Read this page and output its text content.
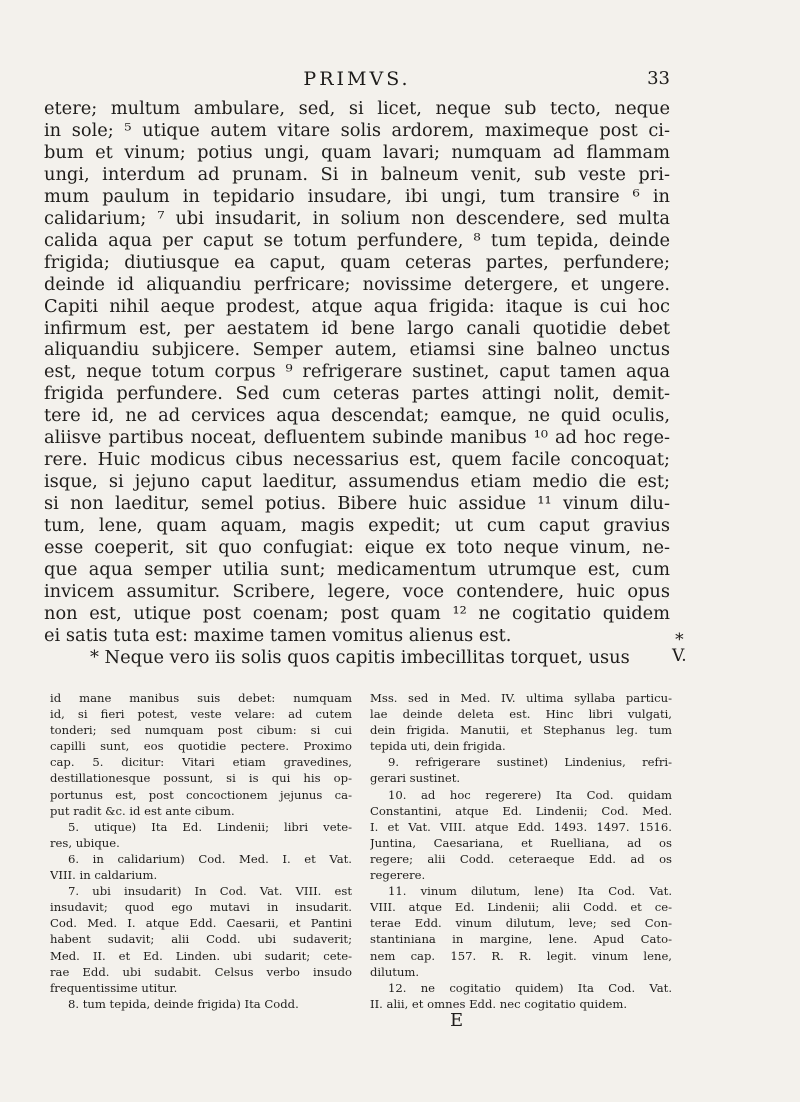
PRIMVS.	33
etere; multum ambulare, sed, si licet, neque sub tecto, neque
in sole; ⁵ utique autem vitare solis ardorem, maximeque post ci-
bum et vinum; potius ungi, quam lavari; numquam ad flammam
ungi, interdum ad prunam. Si in balneum venit, sub veste pri-
mum paulum in tepidario insudare, ibi ungi, tum transire ⁶ in
calidarium; ⁷ ubi insudarit, in solium non descendere, sed multa
calida aqua per caput se totum perfundere, ⁸ tum tepida, deinde
frigida; diutiusque ea caput, quam ceteras partes, perfundere;
deinde id aliquandiu perfricare; novissime detergere, et ungere.
Capiti nihil aeque prodest, atque aqua frigida: itaque is cui hoc
infirmum est, per aestatem id bene largo canali quotidie debet
aliquandiu subjicere. Semper autem, etiamsi sine balneo unctus
est, neque totum corpus ⁹ refrigerare sustinet, caput tamen aqua
frigida perfundere. Sed cum ceteras partes attingi nolit, demit-
tere id, ne ad cervices aqua descendat; eamque, ne quid oculis,
aliisve partibus noceat, defluentem subinde manibus ¹⁰ ad hoc rege-
rere. Huic modicus cibus necessarius est, quem facile concoquat;
isque, si jejuno caput laeditur, assumendus etiam medio die est;
si non laeditur, semel potius. Bibere huic assidue ¹¹ vinum dilu-
tum, lene, quam aquam, magis expedit; ut cum caput gravius
esse coeperit, sit quo confugiat: eique ex toto neque vinum, ne-
que aqua semper utilia sunt; medicamentum utrumque est, cum
invicem assumitur. Scribere, legere, voce contendere, huic opus
non est, utique post coenam; post quam ¹² ne cogitatio quidem
ei satis tuta est: maxime tamen vomitus alienus est.
* Neque vero iis solis quos capitis imbecillitas torquet, usus
*
V.
id mane manibus suis debet: numquam
id, si fieri potest, veste velare: ad cutem
tonderi; sed numquam post cibum: si cui
capilli sunt, eos quotidie pectere. Proximo
cap. 5. dicitur: Vitari etiam gravedines,
destillationesque possunt, si is qui his op-
portunus est, post concoctionem jejunus ca-
put radit &c. id est ante cibum.
5. utique) Ita Ed. Lindenii; libri vete-
res, ubique.
6. in calidarium) Cod. Med. I. et Vat.
VIII. in caldarium.
7. ubi insudarit) In Cod. Vat. VIII. est
insudavit; quod ego mutavi in insudarit.
Cod. Med. I. atque Edd. Caesarii, et Pantini
habent sudavit; alii Codd. ubi sudaverit;
Med. II. et Ed. Linden. ubi sudarit; cete-
rae Edd. ubi sudabit. Celsus verbo insudo
frequentissime utitur.
8. tum tepida, deinde frigida) Ita Codd.
Mss. sed in Med. IV. ultima syllaba particu-
lae deinde deleta est. Hinc libri vulgati,
dein frigida. Manutii, et Stephanus leg. tum
tepida uti, dein frigida.
9. refrigerare sustinet) Lindenius, refri-
gerari sustinet.
10. ad hoc regerere) Ita Cod. quidam
Constantini, atque Ed. Lindenii; Cod. Med.
I. et Vat. VIII. atque Edd. 1493. 1497. 1516.
Juntina, Caesariana, et Ruelliana, ad os
regere; alii Codd. ceteraeque Edd. ad os
regerere.
11. vinum dilutum, lene) Ita Cod. Vat.
VIII. atque Ed. Lindenii; alii Codd. et ce-
terae Edd. vinum dilutum, leve; sed Con-
stantiniana in margine, lene. Apud Cato-
nem cap. 157. R. R. legit. vinum lene,
dilutum.
12. ne cogitatio quidem) Ita Cod. Vat.
II. alii, et omnes Edd. nec cogitatio quidem.
E
